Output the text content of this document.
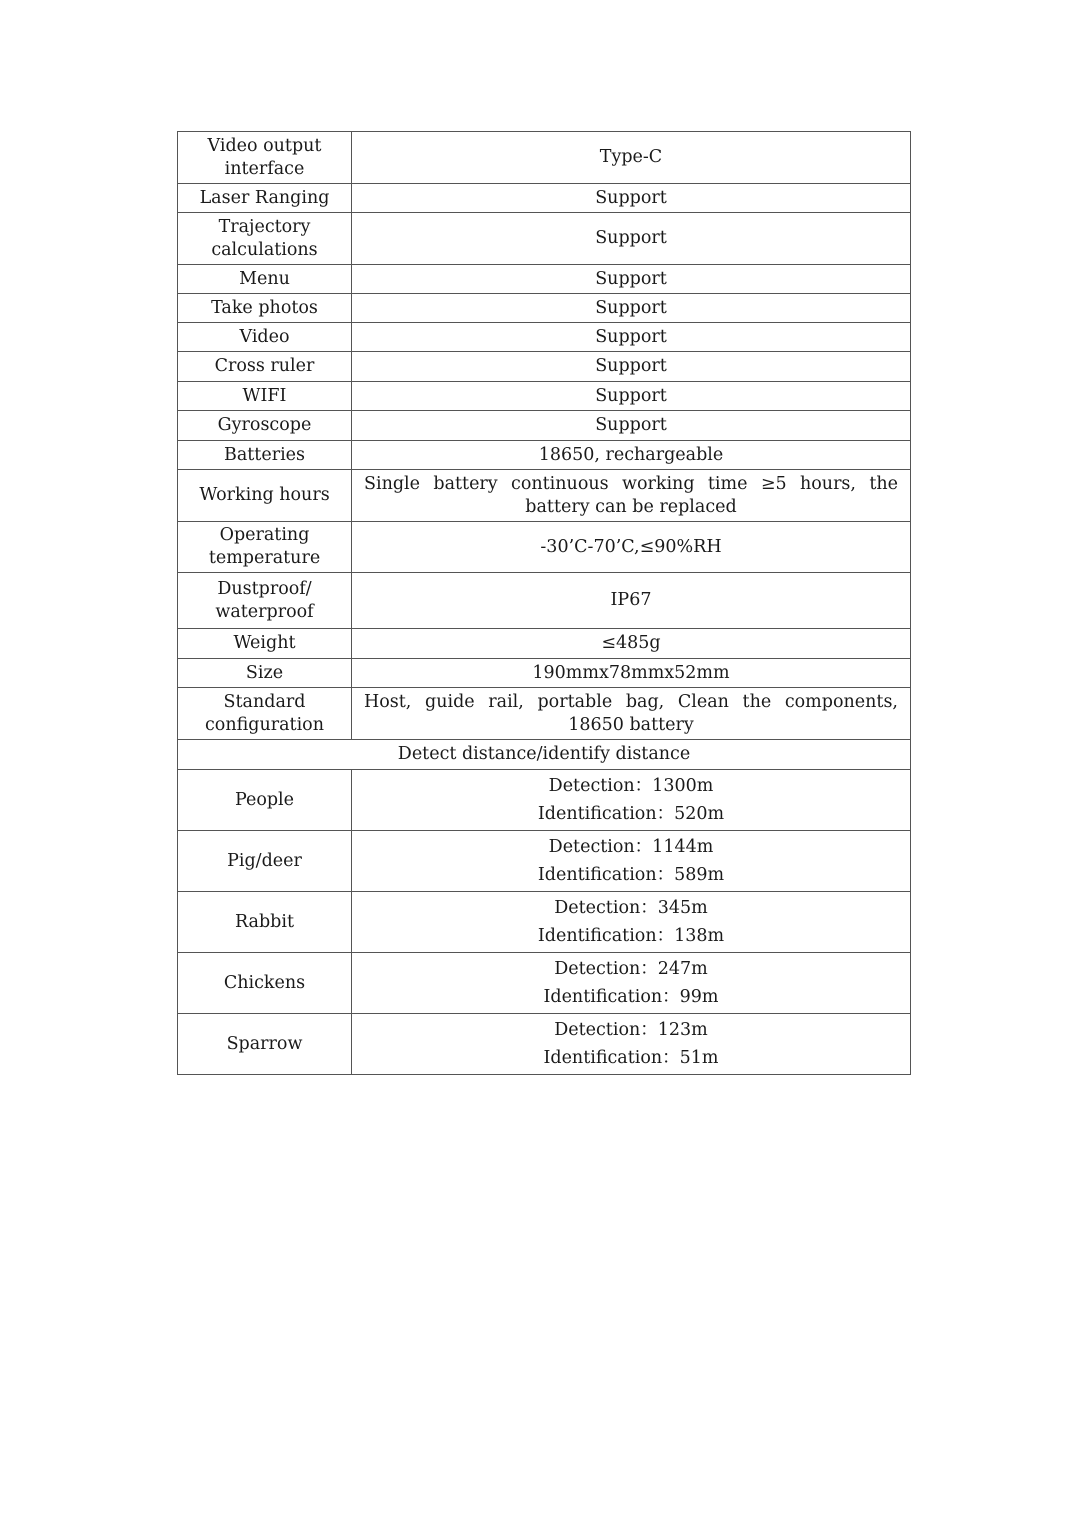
Video output interface	Type-C
Laser Ranging	Support
Trajectory calculations	Support
Menu	Support
Take photos	Support
Video	Support
Cross ruler	Support
WIFI	Support
Gyroscope	Support
Batteries	18650, rechargeable
Working hours	Single battery continuous working time ≥5 hours, the battery can be replaced
Operating temperature	-30’C-70’C,≤90%RH
Dustproof/ waterproof	IP67
Weight	≤485g
Size	190mmx78mmx52mm
Standard configuration	Host, guide rail, portable bag, Clean the components, 18650 battery
Detect distance/identify distance	
People	Detection：1300m
Identification：520m

Pig/deer	Detection：1144m
Identification：589m

Rabbit	Detection：345m
Identification：138m

Chickens	Detection：247m
Identification：99m

Sparrow	Detection：123m
Identification：51m
